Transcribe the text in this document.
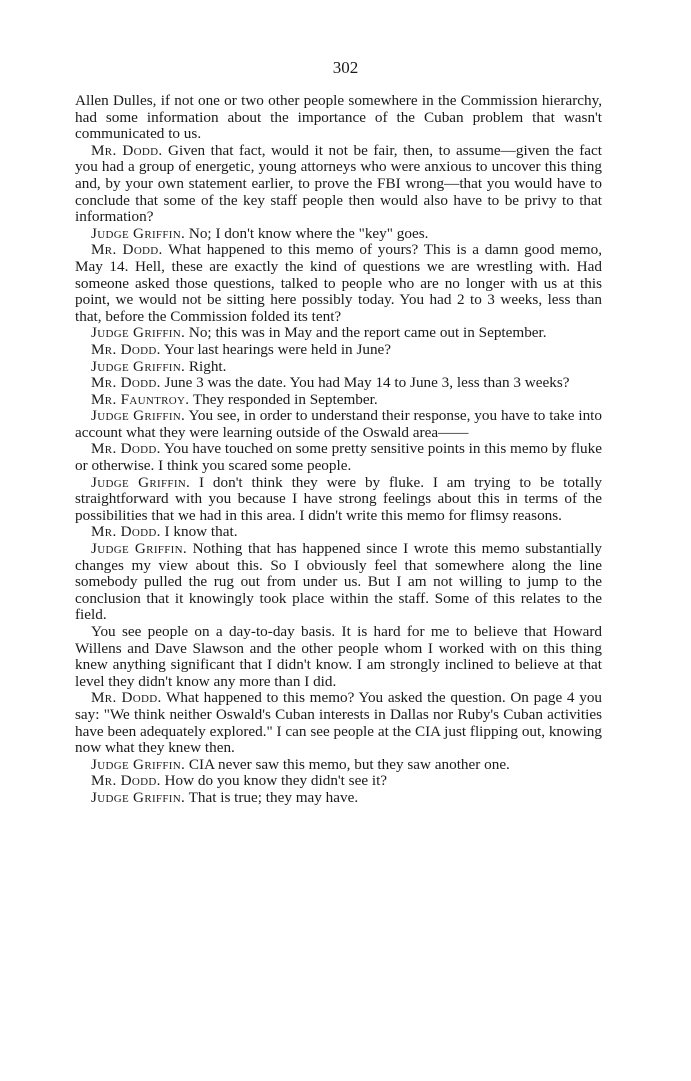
302

Allen Dulles, if not one or two other people somewhere in the Commission hierarchy, had some information about the importance of the Cuban problem that wasn't communicated to us.

Mr. Dodd. Given that fact, would it not be fair, then, to assume—given the fact you had a group of energetic, young attorneys who were anxious to uncover this thing and, by your own statement earlier, to prove the FBI wrong—that you would have to conclude that some of the key staff people then would also have to be privy to that information?

Judge Griffin. No; I don't know where the "key" goes.

Mr. Dodd. What happened to this memo of yours? This is a damn good memo, May 14. Hell, these are exactly the kind of questions we are wrestling with. Had someone asked those questions, talked to people who are no longer with us at this point, we would not be sitting here possibly today. You had 2 to 3 weeks, less than that, before the Commission folded its tent?

Judge Griffin. No; this was in May and the report came out in September.

Mr. Dodd. Your last hearings were held in June?

Judge Griffin. Right.

Mr. Dodd. June 3 was the date. You had May 14 to June 3, less than 3 weeks?

Mr. Fauntroy. They responded in September.

Judge Griffin. You see, in order to understand their response, you have to take into account what they were learning outside of the Oswald area——

Mr. Dodd. You have touched on some pretty sensitive points in this memo by fluke or otherwise. I think you scared some people.

Judge Griffin. I don't think they were by fluke. I am trying to be totally straightforward with you because I have strong feelings about this in terms of the possibilities that we had in this area. I didn't write this memo for flimsy reasons.

Mr. Dodd. I know that.

Judge Griffin. Nothing that has happened since I wrote this memo substantially changes my view about this. So I obviously feel that somewhere along the line somebody pulled the rug out from under us. But I am not willing to jump to the conclusion that it knowingly took place within the staff. Some of this relates to the field.

You see people on a day-to-day basis. It is hard for me to believe that Howard Willens and Dave Slawson and the other people whom I worked with on this thing knew anything significant that I didn't know. I am strongly inclined to believe at that level they didn't know any more than I did.

Mr. Dodd. What happened to this memo? You asked the question. On page 4 you say: "We think neither Oswald's Cuban interests in Dallas nor Ruby's Cuban activities have been adequately explored." I can see people at the CIA just flipping out, knowing now what they knew then.

Judge Griffin. CIA never saw this memo, but they saw another one.

Mr. Dodd. How do you know they didn't see it?

Judge Griffin. That is true; they may have.
